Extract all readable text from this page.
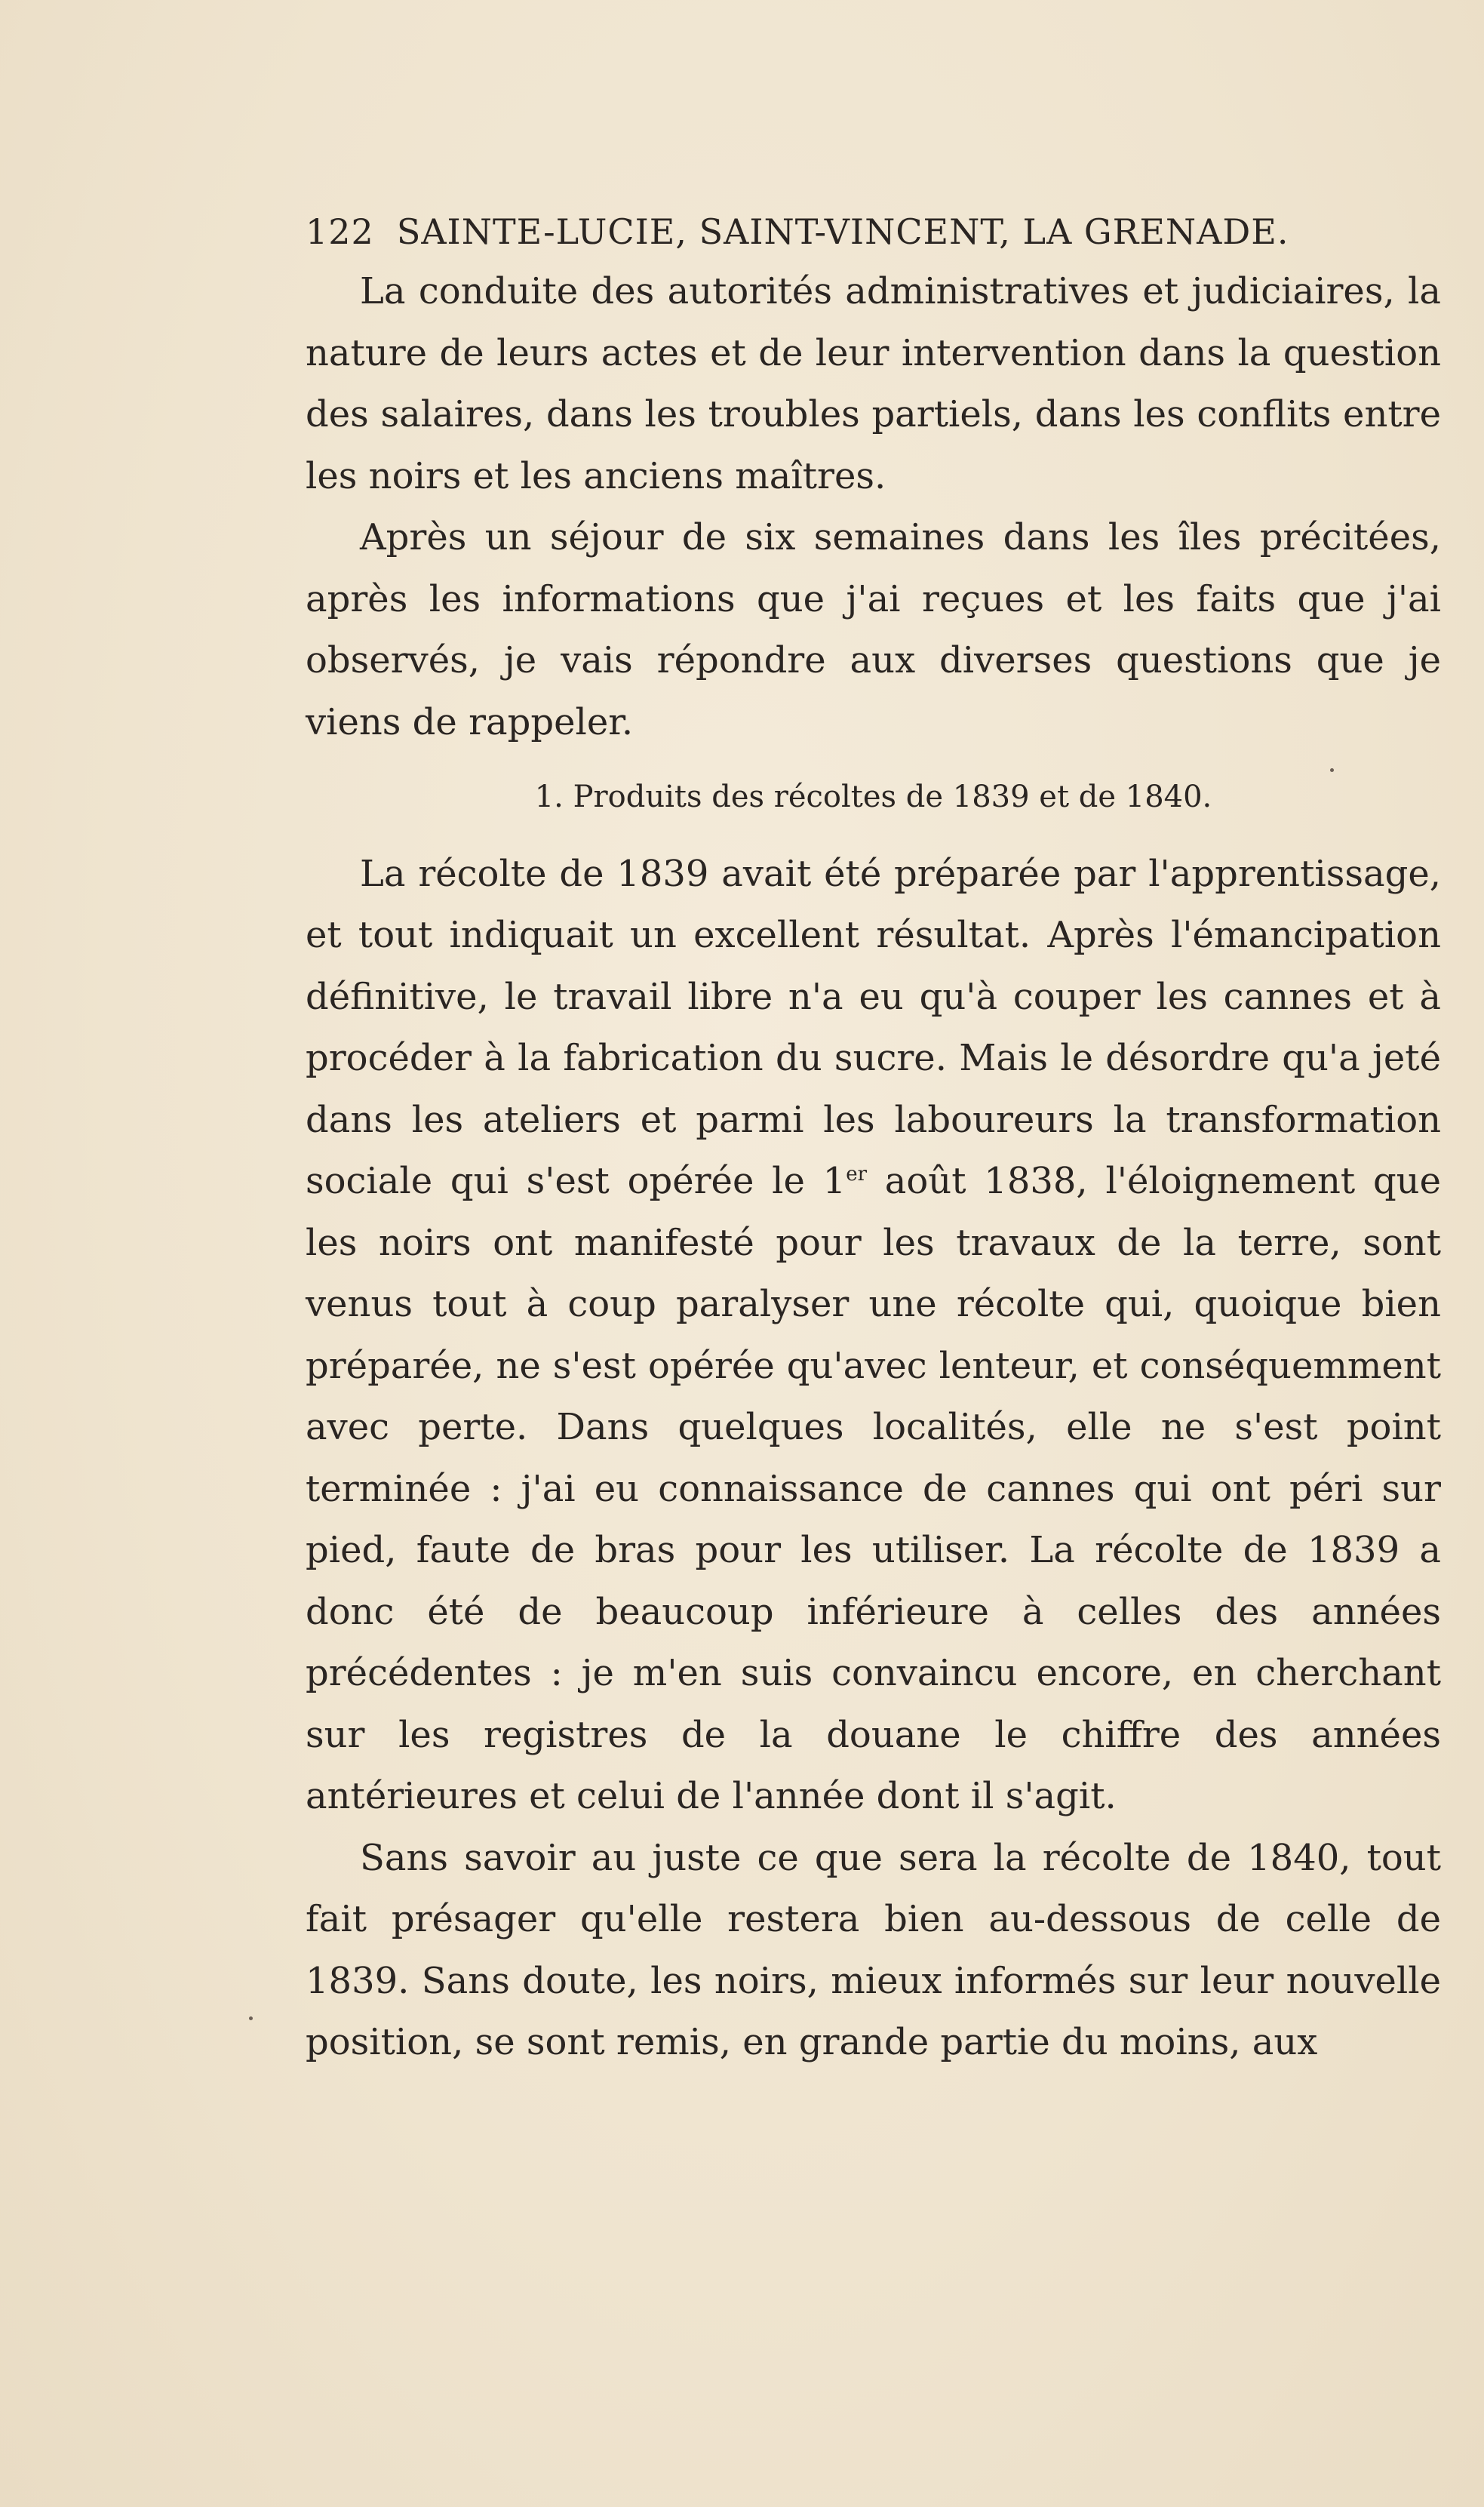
122 SAINTE-LUCIE, SAINT-VINCENT, LA GRENADE.

La conduite des autorités administratives et judiciaires, la nature de leurs actes et de leur intervention dans la question des salaires, dans les troubles partiels, dans les conflits entre les noirs et les anciens maîtres.

Après un séjour de six semaines dans les îles précitées, après les informations que j'ai reçues et les faits que j'ai observés, je vais répondre aux diverses questions que je viens de rappeler.

1. Produits des récoltes de 1839 et de 1840.

La récolte de 1839 avait été préparée par l'apprentissage, et tout indiquait un excellent résultat. Après l'émancipation définitive, le travail libre n'a eu qu'à couper les cannes et à procéder à la fabrication du sucre. Mais le désordre qu'a jeté dans les ateliers et parmi les laboureurs la transformation sociale qui s'est opérée le 1er août 1838, l'éloignement que les noirs ont manifesté pour les travaux de la terre, sont venus tout à coup paralyser une récolte qui, quoique bien préparée, ne s'est opérée qu'avec lenteur, et conséquemment avec perte. Dans quelques localités, elle ne s'est point terminée : j'ai eu connaissance de cannes qui ont péri sur pied, faute de bras pour les utiliser. La récolte de 1839 a donc été de beaucoup inférieure à celles des années précédentes : je m'en suis convaincu encore, en cherchant sur les registres de la douane le chiffre des années antérieures et celui de l'année dont il s'agit.

Sans savoir au juste ce que sera la récolte de 1840, tout fait présager qu'elle restera bien au-dessous de celle de 1839. Sans doute, les noirs, mieux informés sur leur nouvelle position, se sont remis, en grande partie du moins, aux
